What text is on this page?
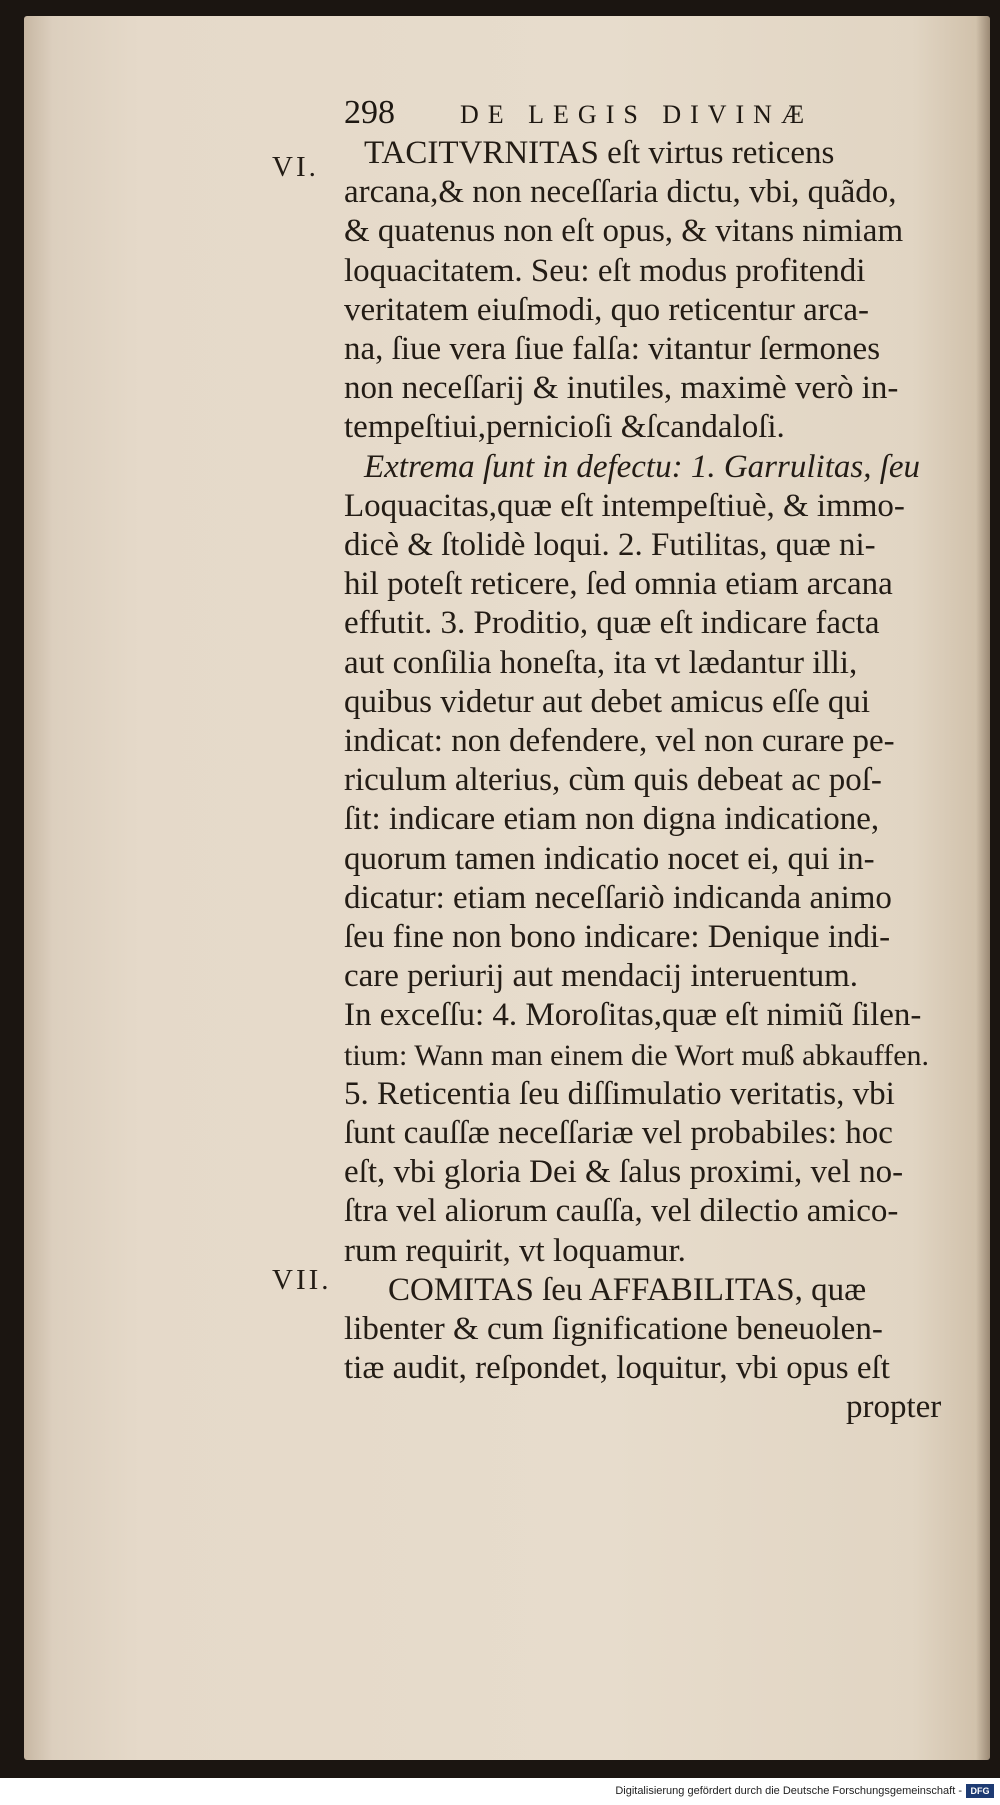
298	DE LEGIS DIVINÆ
VI.
VII.
TACITVRNITAS eſt virtus reticens
arcana,& non neceſſaria dictu, vbi, quãdo,
& quatenus non eſt opus, & vitans nimiam
loquacitatem. Seu: eſt modus profitendi
veritatem eiuſmodi, quo reticentur arca-
na, ſiue vera ſiue falſa: vitantur ſermones
non neceſſarij & inutiles, maximè verò in-
tempeſtiui,pernicioſi &ſcandaloſi.
Extrema ſunt in defectu: 1. Garrulitas, ſeu
Loquacitas,quæ eſt intempeſtiuè, & immo-
dicè & ſtolidè loqui. 2. Futilitas, quæ ni-
hil poteſt reticere, ſed omnia etiam arcana
effutit. 3. Proditio, quæ eſt indicare facta
aut conſilia honeſta, ita vt lædantur illi,
quibus videtur aut debet amicus eſſe qui
indicat: non defendere, vel non curare pe-
riculum alterius, cùm quis debeat ac poſ-
ſit: indicare etiam non digna indicatione,
quorum tamen indicatio nocet ei, qui in-
dicatur: etiam neceſſariò indicanda animo
ſeu fine non bono indicare: Denique indi-
care periurij aut mendacij interuentum.
In exceſſu: 4. Moroſitas,quæ eſt nimiũ ſilen-
tium: Wann man einem die Wort muß abkauffen.
5. Reticentia ſeu diſſimulatio veritatis, vbi
ſunt cauſſæ neceſſariæ vel probabiles: hoc
eſt, vbi gloria Dei & ſalus proximi, vel no-
ſtra vel aliorum cauſſa, vel dilectio amico-
rum requirit, vt loquamur.
COMITAS ſeu AFFABILITAS, quæ
libenter & cum ſignificatione beneuolen-
tiæ audit, reſpondet, loquitur, vbi opus eſt
propter
Digitalisierung gefördert durch die Deutsche Forschungsgemeinschaft - DFG
